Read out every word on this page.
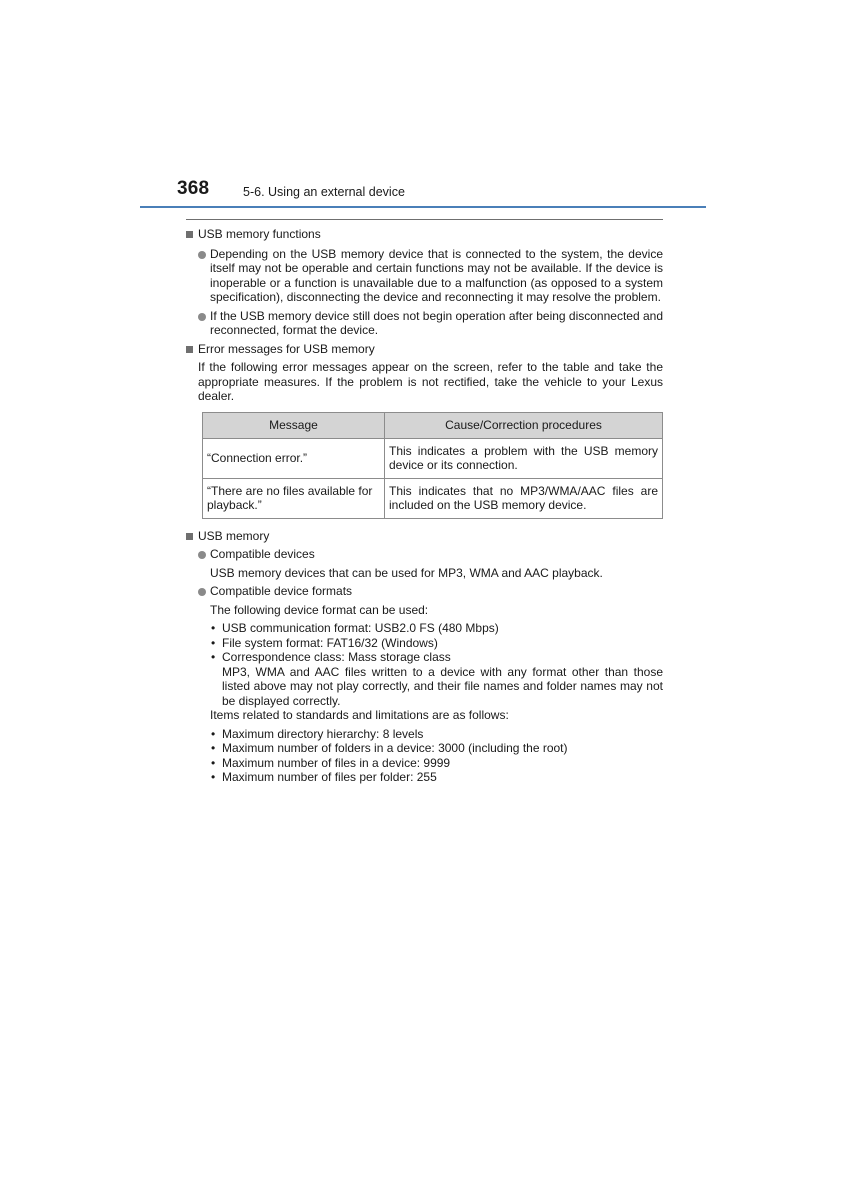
368	5-6. Using an external device
USB memory functions
Depending on the USB memory device that is connected to the system, the device itself may not be operable and certain functions may not be available. If the device is inoperable or a function is unavailable due to a malfunction (as opposed to a system specification), disconnecting the device and reconnecting it may resolve the problem.
If the USB memory device still does not begin operation after being disconnected and reconnected, format the device.
Error messages for USB memory
If the following error messages appear on the screen, refer to the table and take the appropriate measures. If the problem is not rectified, take the vehicle to your Lexus dealer.
Message	Cause/Correction procedures
“Connection error.”	This indicates a problem with the USB memory device or its connection.
“There are no files available for playback.”	This indicates that no MP3/WMA/AAC files are included on the USB memory device.
USB memory
Compatible devices
USB memory devices that can be used for MP3, WMA and AAC playback.
Compatible device formats
The following device format can be used:
• USB communication format: USB2.0 FS (480 Mbps)
• File system format: FAT16/32 (Windows)
• Correspondence class: Mass storage class
MP3, WMA and AAC files written to a device with any format other than those listed above may not play correctly, and their file names and folder names may not be displayed correctly.
Items related to standards and limitations are as follows:
• Maximum directory hierarchy: 8 levels
• Maximum number of folders in a device: 3000 (including the root)
• Maximum number of files in a device: 9999
• Maximum number of files per folder: 255
